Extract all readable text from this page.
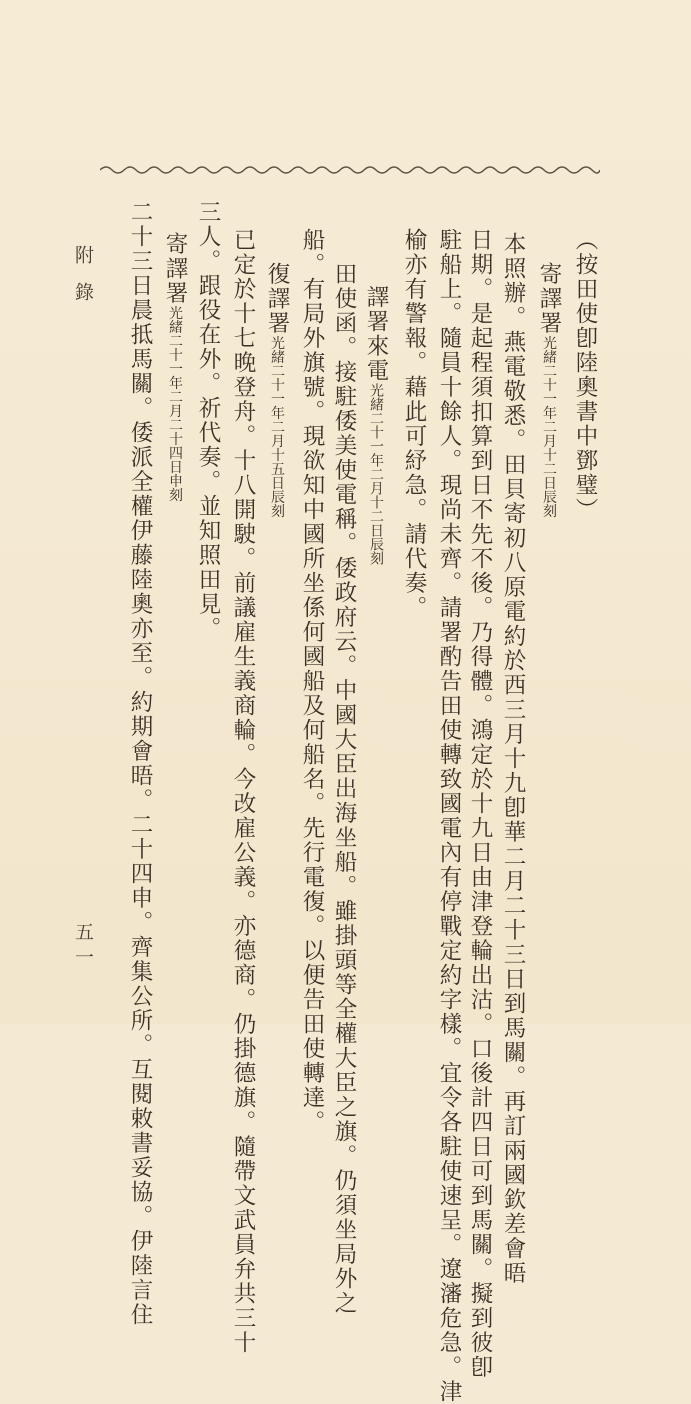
（按田使卽陸奧書中鄧璧）
寄譯署光緒二十一年二月十二日辰刻
本照辦。燕電敬悉。田貝寄初八原電約於西三月十九卽華二月二十三日到馬關。再訂兩國欽差會晤
日期。是起程須扣算到日不先不後。乃得體。鴻定於十九日由津登輪出沽。口後計四日可到馬關。擬到彼卽
駐船上。隨員十餘人。現尚未齊。請署酌告田使轉致國電內有停戰定約字樣。宜令各駐使速呈。遼瀋危急。津
榆亦有警報。藉此可紓急。請代奏。
譯署來電光緒二十一年二月十二日辰刻
田使函。接駐倭美使電稱。倭政府云。中國大臣出海坐船。雖掛頭等全權大臣之旗。仍須坐局外之
船。有局外旗號。現欲知中國所坐係何國船及何船名。先行電復。以便告田使轉達。
復譯署光緒二十一年二月十五日辰刻
已定於十七晚登舟。十八開駛。前議雇生義商輪。今改雇公義。亦德商。仍掛德旗。隨帶文武員弁共三十
三人。跟役在外。祈代奏。並知照田見。
寄譯署光緒二十一年二月二十四日申刻
二十三日晨抵馬關。倭派全權伊藤陸奧亦至。約期會晤。二十四申。齊集公所。互閱敕書妥協。伊陸言住
附錄
五一
